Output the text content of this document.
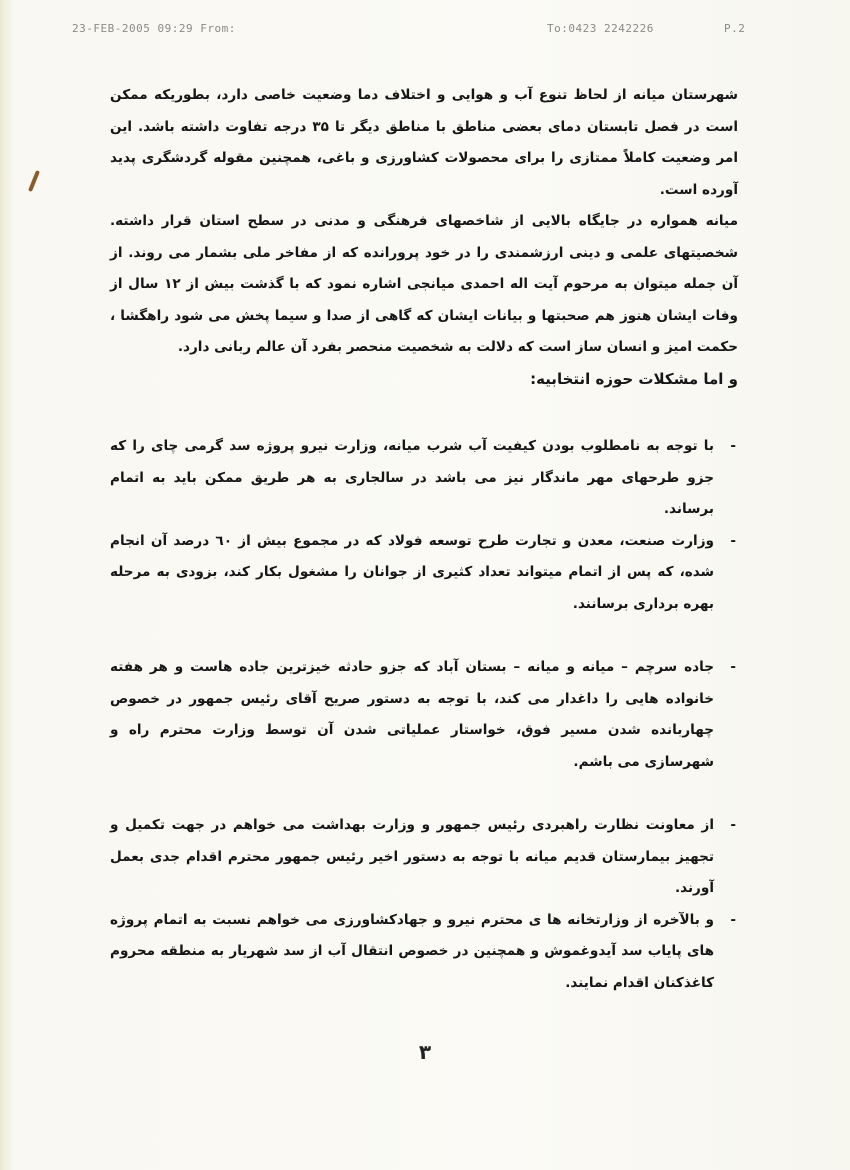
23-FEB-2005 09:29 From:	To:0423 2242226	P.2

شهرستان میانه از لحاظ تنوع آب و هوایی و اختلاف دما وضعیت خاصی دارد، بطوریکه ممکن است در فصل تابستان دمای بعضی مناطق با مناطق دیگر تا ۳۵ درجه تفاوت داشته باشد. این امر وضعیت کاملاً ممتازی را برای محصولات کشاورزی و باغی، همچنین مقوله گردشگری پدید آورده است.

میانه همواره در جایگاه بالایی از شاخصهای فرهنگی و مدنی در سطح استان قرار داشته. شخصیتهای علمی و دینی ارزشمندی را در خود پرورانده که از مفاخر ملی بشمار می روند. از آن جمله میتوان به مرحوم آیت اله احمدی میانجی اشاره نمود که با گذشت بیش از ۱۲ سال از وفات ایشان هنوز هم صحبتها و بیانات ایشان که گاهی از صدا و سیما پخش می شود راهگشا ، حکمت امیز و انسان ساز است که دلالت به شخصیت منحصر بفرد آن عالم ربانی دارد.

و اما مشکلات حوزه انتخابیه:

-
با توجه به نامطلوب بودن کیفیت آب شرب میانه، وزارت نیرو پروژه سد گرمی چای را که جزو طرحهای مهر ماندگار نیز می باشد در سالجاری به هر طریق ممکن باید به اتمام برساند.
-
وزارت صنعت، معدن و تجارت طرح توسعه فولاد که در مجموع بیش از ٦٠ درصد آن انجام شده، که پس از اتمام میتواند تعداد کثیری از جوانان را مشغول بکار کند، بزودی به مرحله بهره برداری برسانند.
-
جاده سرچم – میانه و میانه – بستان آباد که جزو حادثه خیزترین جاده هاست و هر هفته خانواده هایی را داغدار می کند، با توجه به دستور صریح آقای رئیس جمهور در خصوص چهاربانده شدن مسیر فوق، خواستار عملیاتی شدن آن توسط وزارت محترم راه و شهرسازی می باشم.
-
از معاونت نظارت راهبردی رئیس جمهور و وزارت بهداشت می خواهم در جهت تکمیل و تجهیز بیمارستان قدیم میانه با توجه به دستور اخیر رئیس جمهور محترم اقدام جدی بعمل آورند.
-
و بالآخره از وزارتخانه ها ی محترم نیرو و جهادکشاورزی می خواهم نسبت به اتمام پروژه های پایاب سد آیدوغموش و همچنین در خصوص انتقال آب از سد شهریار به منطقه محروم کاغذکنان اقدام نمایند.
۳
